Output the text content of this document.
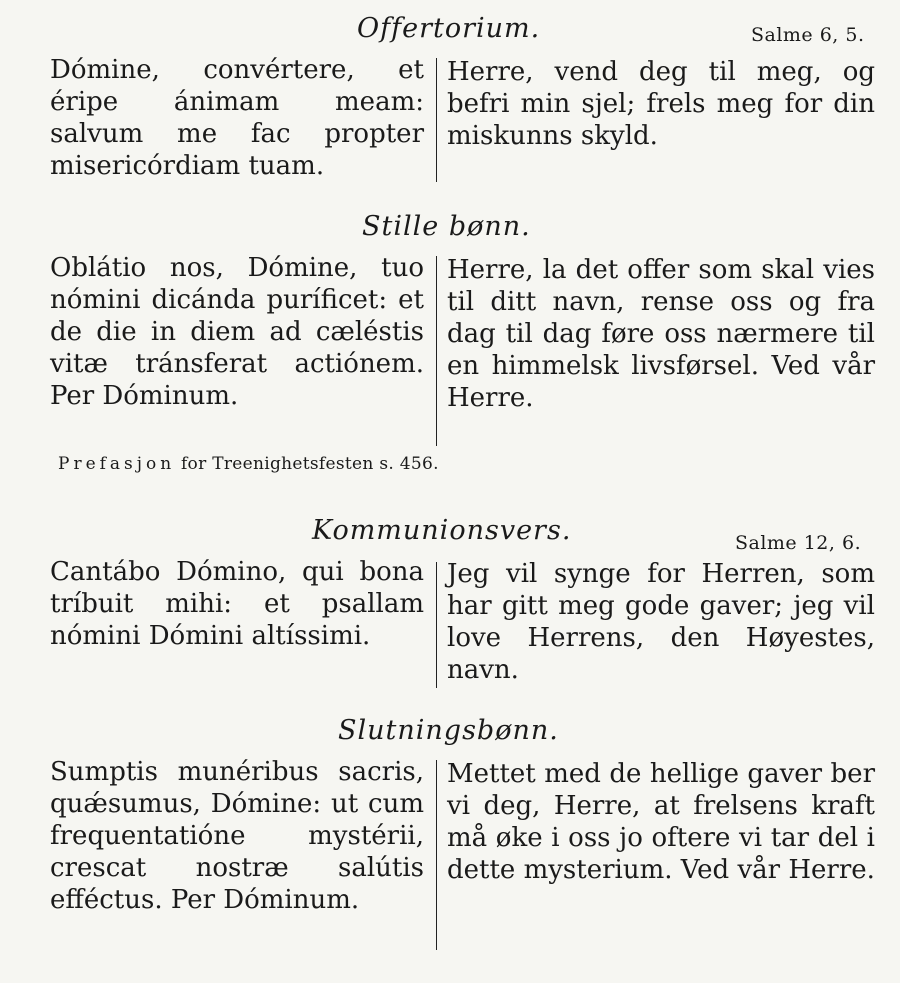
Offertorium.	Salme 6, 5.
Dómine, convértere, et éripe ánimam meam: salvum me fac propter misericórdiam tuam.
Herre, vend deg til meg, og befri min sjel; frels meg for din miskunns skyld.
Stille bønn.
Oblátio nos, Dómine, tuo nómini dicánda puríficet: et de die in diem ad cæléstis vitæ tránsferat actiónem. Per Dóminum.
Herre, la det offer som skal vies til ditt navn, rense oss og fra dag til dag føre oss nærmere til en himmelsk livsførsel. Ved vår Herre.
Prefasjon for Treenighetsfesten s. 456.
Kommunionsvers.	Salme 12, 6.
Cantábo Dómino, qui bona tríbuit mihi: et psallam nómini Dómini altíssimi.
Jeg vil synge for Herren, som har gitt meg gode gaver; jeg vil love Herrens, den Høyestes, navn.
Slutningsbønn.
Sumptis munéribus sacris, quǽsumus, Dómine: ut cum frequentatióne mystérii, crescat nostræ salútis efféctus. Per Dóminum.
Mettet med de hellige gaver ber vi deg, Herre, at frelsens kraft må øke i oss jo oftere vi tar del i dette mysterium. Ved vår Herre.
